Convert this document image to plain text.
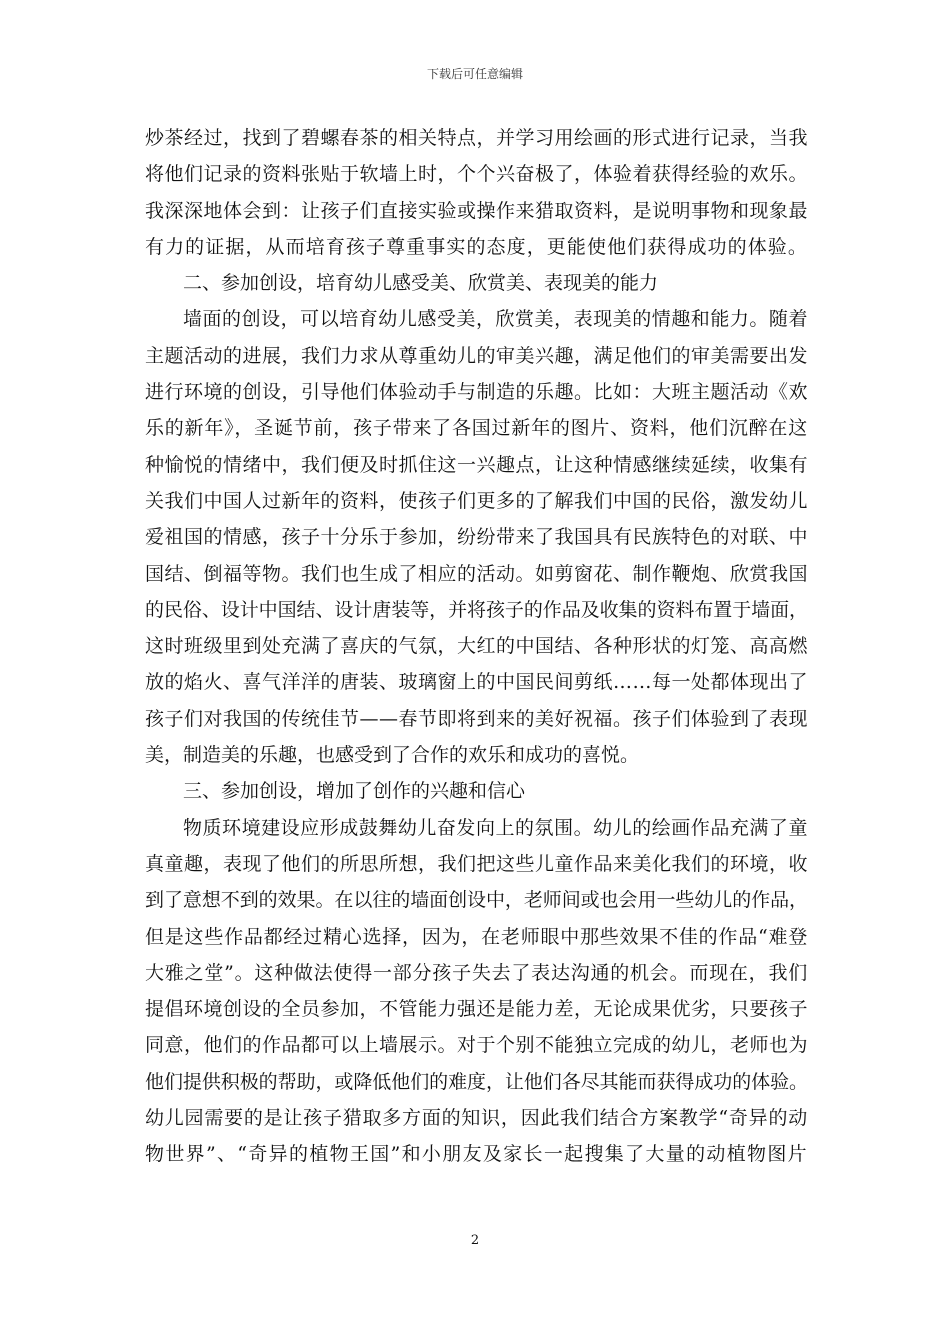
下载后可任意编辑
炒茶经过，找到了碧螺春茶的相关特点，并学习用绘画的形式进行记录，当我
将他们记录的资料张贴于软墙上时，个个兴奋极了，体验着获得经验的欢乐。
我深深地体会到：让孩子们直接实验或操作来猎取资料，是说明事物和现象最
有力的证据，从而培育孩子尊重事实的态度，更能使他们获得成功的体验。
二、参加创设，培育幼儿感受美、欣赏美、表现美的能力
墙面的创设，可以培育幼儿感受美，欣赏美，表现美的情趣和能力。随着
主题活动的进展，我们力求从尊重幼儿的审美兴趣，满足他们的审美需要出发
进行环境的创设，引导他们体验动手与制造的乐趣。比如：大班主题活动《欢
乐的新年》，圣诞节前，孩子带来了各国过新年的图片、资料，他们沉醉在这
种愉悦的情绪中，我们便及时抓住这一兴趣点，让这种情感继续延续，收集有
关我们中国人过新年的资料，使孩子们更多的了解我们中国的民俗，激发幼儿
爱祖国的情感，孩子十分乐于参加，纷纷带来了我国具有民族特色的对联、中
国结、倒福等物。我们也生成了相应的活动。如剪窗花、制作鞭炮、欣赏我国
的民俗、设计中国结、设计唐装等，并将孩子的作品及收集的资料布置于墙面，
这时班级里到处充满了喜庆的气氛，大红的中国结、各种形状的灯笼、高高燃
放的焰火、喜气洋洋的唐装、玻璃窗上的中国民间剪纸……每一处都体现出了
孩子们对我国的传统佳节——春节即将到来的美好祝福。孩子们体验到了表现
美，制造美的乐趣，也感受到了合作的欢乐和成功的喜悦。
三、参加创设，增加了创作的兴趣和信心
物质环境建设应形成鼓舞幼儿奋发向上的氛围。幼儿的绘画作品充满了童
真童趣，表现了他们的所思所想，我们把这些儿童作品来美化我们的环境，收
到了意想不到的效果。在以往的墙面创设中，老师间或也会用一些幼儿的作品，
但是这些作品都经过精心选择，因为，在老师眼中那些效果不佳的作品“难登
大雅之堂”。这种做法使得一部分孩子失去了表达沟通的机会。而现在，我们
提倡环境创设的全员参加，不管能力强还是能力差，无论成果优劣，只要孩子
同意，他们的作品都可以上墙展示。对于个别不能独立完成的幼儿，老师也为
他们提供积极的帮助，或降低他们的难度，让他们各尽其能而获得成功的体验。
幼儿园需要的是让孩子猎取多方面的知识，因此我们结合方案教学“奇异的动
物世界”、“奇异的植物王国”和小朋友及家长一起搜集了大量的动植物图片
2
